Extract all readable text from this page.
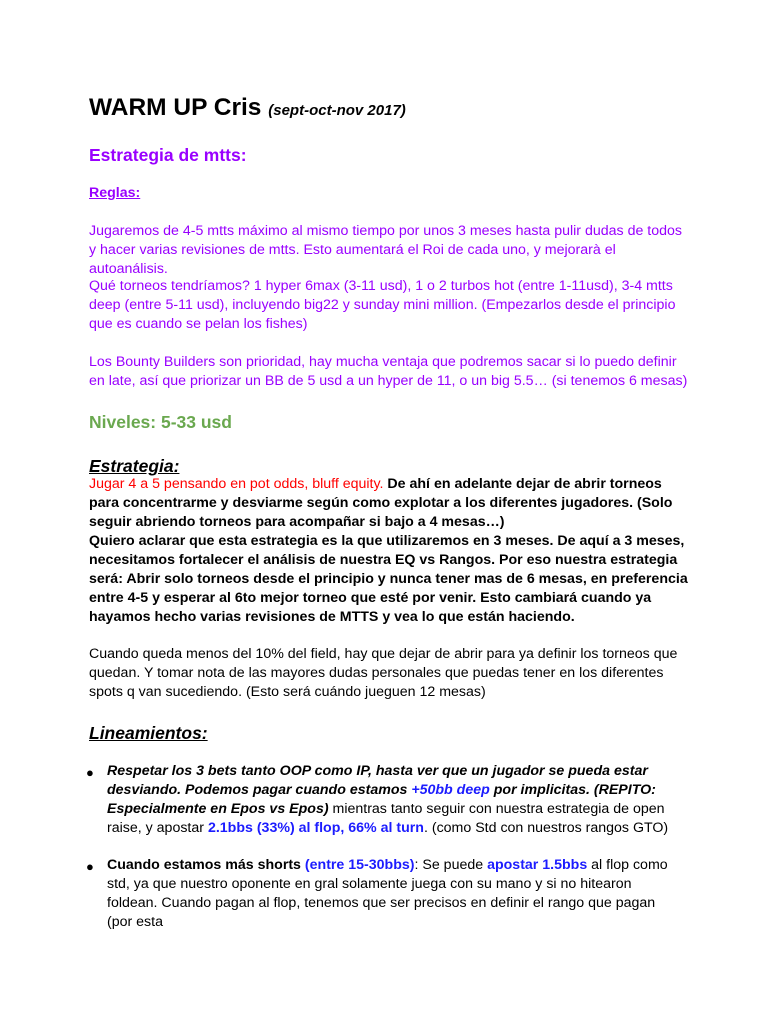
WARM UP Cris (sept-oct-nov 2017)
Estrategia de mtts:
Reglas:

Jugaremos de 4-5 mtts máximo al mismo tiempo por unos 3 meses hasta pulir dudas de todos y hacer varias revisiones de mtts. Esto aumentará el Roi de cada uno, y mejorarà el autoanálisis.

Qué torneos tendríamos? 1 hyper 6max (3-11 usd), 1 o 2 turbos hot (entre 1-11usd), 3-4 mtts deep (entre 5-11 usd), incluyendo big22 y sunday mini million. (Empezarlos desde el principio que es cuando se pelan los fishes)

Los Bounty Builders son prioridad, hay mucha ventaja que podremos sacar si lo puedo definir en late, así que priorizar un BB de 5 usd a un hyper de 11, o un big 5.5… (si tenemos 6 mesas)

Niveles: 5-33 usd
Estrategia:

Jugar 4 a 5 pensando en pot odds, bluff equity. De ahí en adelante dejar de abrir torneos para concentrarme y desviarme según como explotar a los diferentes jugadores. (Solo seguir abriendo torneos para acompañar si bajo a 4 mesas…)
Quiero aclarar que esta estrategia es la que utilizaremos en 3 meses. De aquí a 3 meses, necesitamos fortalecer el análisis de nuestra EQ vs Rangos. Por eso nuestra estrategia será: Abrir solo torneos desde el principio y nunca tener mas de 6 mesas, en preferencia entre 4-5 y esperar al 6to mejor torneo que esté por venir. Esto cambiará cuando ya hayamos hecho varias revisiones de MTTS y vea lo que están haciendo.

Cuando queda menos del 10% del field, hay que dejar de abrir para ya definir los torneos que quedan. Y tomar nota de las mayores dudas personales que puedas tener en los diferentes spots q van sucediendo. (Esto será cuándo jueguen 12 mesas)

Lineamientos:
● Respetar los 3 bets tanto OOP como IP, hasta ver que un jugador se pueda estar desviando. Podemos pagar cuando estamos +50bb deep por implicitas. (REPITO: Especialmente en Epos vs Epos) mientras tanto seguir con nuestra estrategia de open raise, y apostar 2.1bbs (33%) al flop, 66% al turn. (como Std con nuestros rangos GTO)

● Cuando estamos más shorts (entre 15-30bbs): Se puede apostar 1.5bbs al flop como std, ya que nuestro oponente en gral solamente juega con su mano y si no hitearon foldean. Cuando pagan al flop, tenemos que ser precisos en definir el rango que pagan (por esta
